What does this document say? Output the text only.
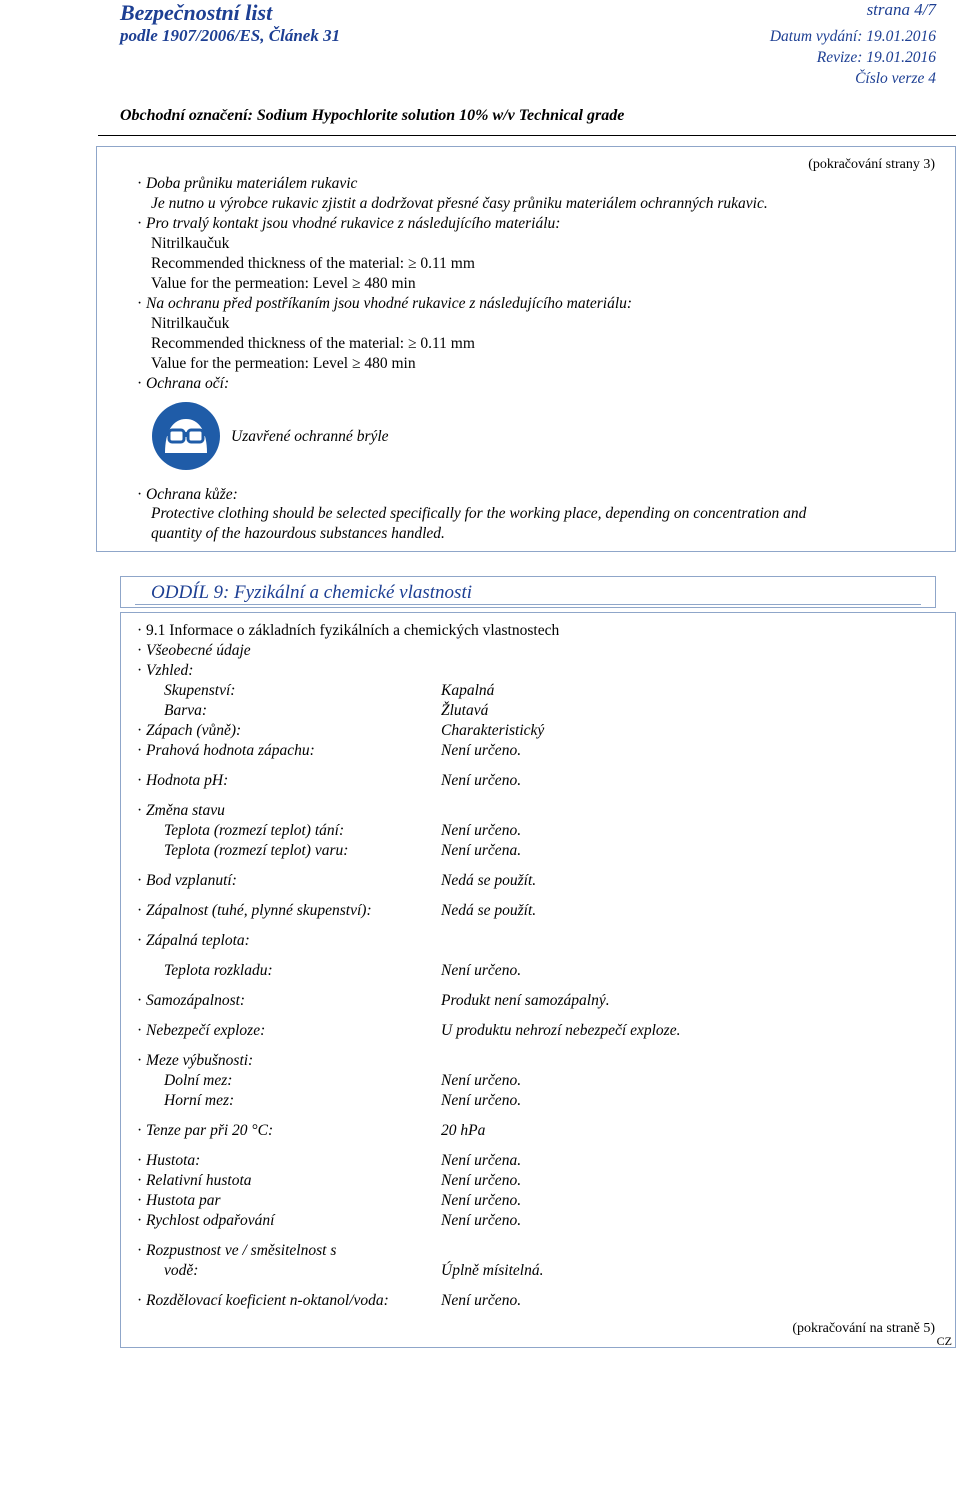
Bezpečnostní list
podle 1907/2006/ES, Článek 31
strana 4/7
Datum vydání: 19.01.2016
Revize: 19.01.2016
Číslo verze 4
Obchodní označení: Sodium Hypochlorite solution 10% w/v Technical grade
(pokračování strany 3)
· Doba průniku materiálem rukavic
Je nutno u výrobce rukavic zjistit a dodržovat přesné časy průniku materiálem ochranných rukavic.
· Pro trvalý kontakt jsou vhodné rukavice z následujícího materiálu:
Nitrilkaučuk
Recommended thickness of the material: ≥ 0.11 mm
Value for the permeation: Level ≥ 480 min
· Na ochranu před postříkaním jsou vhodné rukavice z následujícího materiálu:
Nitrilkaučuk
Recommended thickness of the material: ≥ 0.11 mm
Value for the permeation: Level ≥ 480 min
· Ochrana očí:
Uzavřené ochranné brýle
· Ochrana kůže:
Protective clothing should be selected specifically for the working place, depending on concentration and
quantity of the hazourdous substances handled.
ODDÍL 9: Fyzikální a chemické vlastnosti
· 9.1 Informace o základních fyzikálních a chemických vlastnostech
· Všeobecné údaje
· Vzhled:
Skupenství:	Kapalná
Barva:	Žlutavá
· Zápach (vůně):	Charakteristický
· Prahová hodnota zápachu:	Není určeno.
· Hodnota pH:	Není určeno.
· Změna stavu
Teplota (rozmezí teplot) tání:	Není určeno.
Teplota (rozmezí teplot) varu:	Není určena.
· Bod vzplanutí:	Nedá se použít.
· Zápalnost (tuhé, plynné skupenství):	Nedá se použít.
· Zápalná teplota:
Teplota rozkladu:	Není určeno.
· Samozápalnost:	Produkt není samozápalný.
· Nebezpečí exploze:	U produktu nehrozí nebezpečí exploze.
· Meze výbušnosti:
Dolní mez:	Není určeno.
Horní mez:	Není určeno.
· Tenze par při 20 °C:	20 hPa
· Hustota:	Není určena.
· Relativní hustota	Není určeno.
· Hustota par	Není určeno.
· Rychlost odpařování	Není určeno.
· Rozpustnost ve / směsitelnost s
vodě:	Úplně mísitelná.
· Rozdělovací koeficient n-oktanol/voda:	Není určeno.
(pokračování na straně 5)
CZ
